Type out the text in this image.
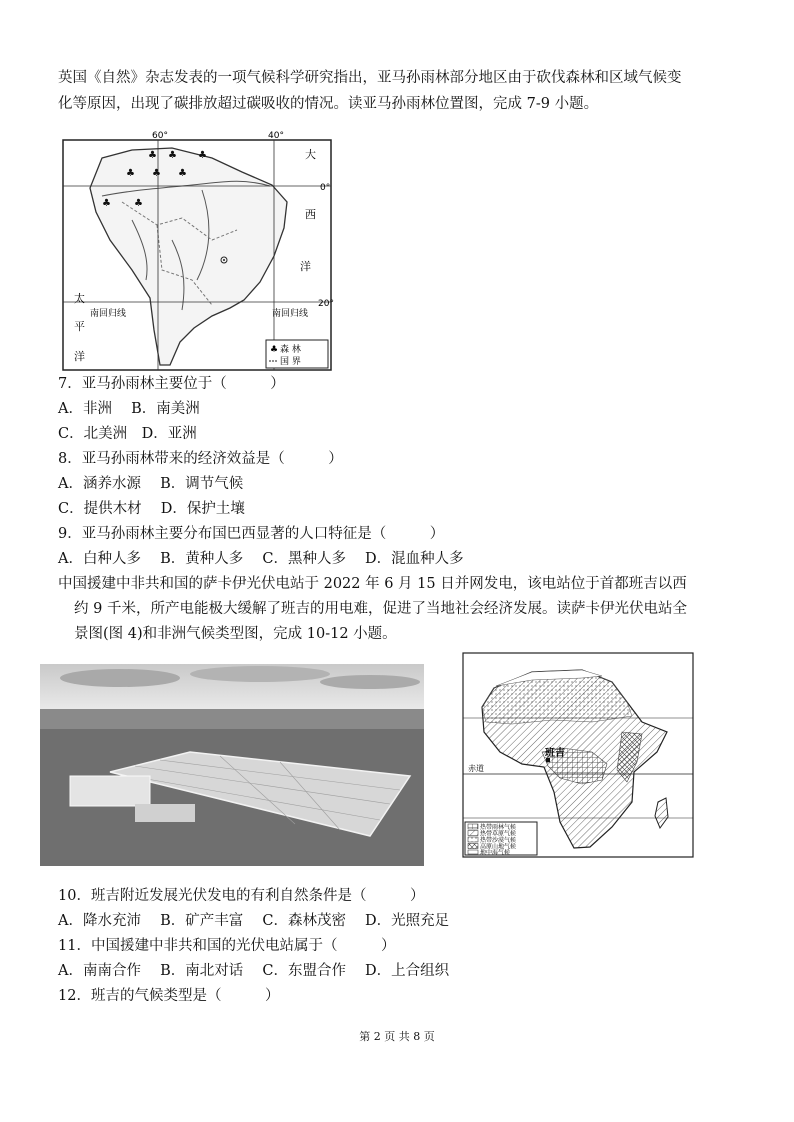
英国《自然》杂志发表的一项气候科学研究指出，亚马孙雨林部分地区由于砍伐森林和区域气候变
化等原因，出现了碳排放超过碳吸收的情况。读亚马孙雨林位置图，完成 7-9 小题。
♣ ♣ ♣
♣ ♣ ♣
♣ ♣
60°	40°
0°
20°
大
西
洋
太
平
洋
南回归线	南回归线
♣ 森 林
国 界
7．亚马孙雨林主要位于（　　　）
A．非洲　 B．南美洲
C．北美洲　D．亚洲
8．亚马孙雨林带来的经济效益是（　　　）
A．涵养水源　 B．调节气候
C．提供木材　 D．保护土壤
9．亚马孙雨林主要分布国巴西显著的人口特征是（　　　）
A．白种人多　 B．黄种人多　 C．黑种人多　 D．混血种人多
中国援建中非共和国的萨卡伊光伏电站于 2022 年 6 月 15 日并网发电，该电站位于首都班吉以西
约 9 千米，所产电能极大缓解了班吉的用电难，促进了当地社会经济发展。读萨卡伊光伏电站全
景图(图 4)和非洲气候类型图，完成 10-12 小题。
赤道
班吉
热带雨林气候
热带草原气候
热带沙漠气候
高原山地气候
地中海气候
10．班吉附近发展光伏发电的有利自然条件是（　　　）
A．降水充沛　 B．矿产丰富　 C．森林茂密　 D．光照充足
11．中国援建中非共和国的光伏电站属于（　　　）
A．南南合作　 B．南北对话　 C．东盟合作　 D．上合组织
12．班吉的气候类型是（　　　）
第 2 页 共 8 页
